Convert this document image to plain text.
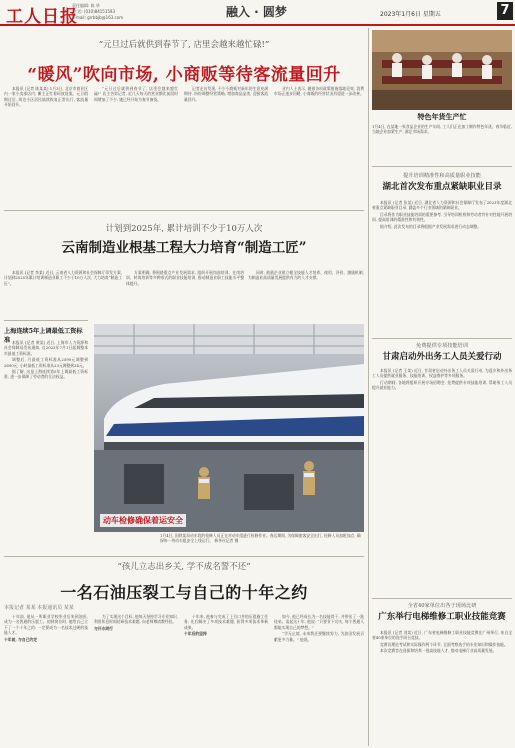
工人日报
责任编辑: 陈 华
电 话: (010)84151593
E-mail: grrbbjb@163.com	融入 · 圆梦	2023年1月6日 星期五	7
“元旦过后就供到春节了, 店里会越来越忙碌!”
“暖风”吹向市场, 小商贩等待客流量回升

本报讯 (记者 陈某某) 1月3日, 北京市商业区内一家小卖部店内, 摊主正忙着码放货架。元旦假期过后, 周边小区居民陆续恢复正常出行, 客流量开始回升。

“元旦过后就供到春节了, 店里会越来越忙碌!” 店主告诉记者, 近几天每天的营业额比前段时间增加了不少, 她已经开始为春节备货。

记者走访发现, 不少小商贩对新年的生意充满期待, 纷纷调整经营策略, 增加商品品类, 迎接客流量回升。

业内人士表示, 随着各项政策措施落地见效, 消费市场正逐步回暖, 小商贩的经营状况有望进一步改善。

计划到2025年, 累计培训不少于10万人次
云南制造业根基工程大力培育“制造工匠”

本报讯 (记者 李某) 近日, 云南省人力资源和社会保障厅印发方案, 计划到2025年累计培训制造业职工不少于10万人次, 大力培育“制造工匠”。

方案明确, 将围绕重点产业发展需求, 组织开展岗前培训、在岗培训、转岗培训等多种形式的职业技能培训, 推动制造业职工技能水平整体提升。

同时, 鼓励企业建立健全技能人才培养、使用、评价、激励机制, 为制造业高质量发展提供有力的人才支撑。

上海连续5年上调最低工资标准 本报讯 (记者 黄某) 近日, 上海市人力资源和社会保障局发布通知, 自2023年7月1日起调整本市最低工资标准。

调整后, 月最低工资标准从2590元调整到2690元, 小时最低工资标准从23元调整到24元。

据了解, 这是上海连续第5年上调最低工资标准, 进一步保障了劳动者的合法权益。

动车检修确保着运安全
1月4日, 国铁某局动车段的检修人员正在对动车组进行检修作业。春运期间, 为保障旅客安全出行, 检修人员加班加点, 确保每一列动车组安全上线运行。 新华社记者 摄
“孩儿立志出乡关, 学不成名誓不还”
一名石油压裂工与自己的十年之约
本报记者 某某 本报通讯员 某某

十年前, 他从一所职业学校毕业后来到油田, 成为一名普通的压裂工。初到岗位时, 他给自己立下了一个十年之约: 一定要成为一名技术过硬的技能人才。

十年前, 与自己约定

为了实现这个目标, 他每天坚持学习专业知识, 利用休息时间钻研技术难题, 向老师傅请教经验。

与汗水同行

十年来, 他参与完成了上百口井的压裂施工任务, 先后解决了多项技术难题, 获得多项技术革新成果。

十年后的坚持

如今, 他已经成长为一名技能骨干, 并带出了一批徒弟。谈起这十年, 他说: “只要肯下功夫, 每个普通人都能实现自己的梦想。”

“学无止境, 未来我还要继续努力, 为油田发展贡献更多力量。” 他说。

特色年货生产忙
1月4日, 在某地一家食品企业的生产车间, 工人们正在加工制作特色年货。春节临近, 当地企业加紧生产, 满足市场需求。
提升培训精准性和高质量职业技能
湖北首次发布重点紧缺职业目录

本报讯 (记者 张某) 近日, 湖北省人力资源和社会保障厅发布了2023年度湖北省重点紧缺职业目录, 涵盖多个行业领域的紧缺职业。

目录将作为职业技能培训的重要参考, 引导培训机构和劳动者有针对性地开展培训, 提高培训的精准性和有效性。

据介绍, 此次发布的目录将根据产业发展需求进行动态调整。

免费提供专项技能培训
甘肃启动外出务工人员关爱行动

本报讯 (记者 王某) 近日, 甘肃省启动外出务工人员关爱行动, 为返乡和外出务工人员提供就业服务、技能培训、权益维护等多项服务。

行动期间, 各地将组织开展专场招聘会, 免费提供专项技能培训, 帮助务工人员提升就业能力。

全省40家单位出各于现场比研
广东举行电梯维修工职业技能竞赛

本报讯 (记者 刘某) 近日, 广东省电梯维修工职业技能竞赛在广州举行, 来自全省40家单位的选手同台竞技。

竞赛设理论考试和实际操作两个环节, 全面考察选手的专业知识和操作技能。

本次竞赛旨在选拔和培养一批高技能人才, 推动电梯行业高质量发展。
